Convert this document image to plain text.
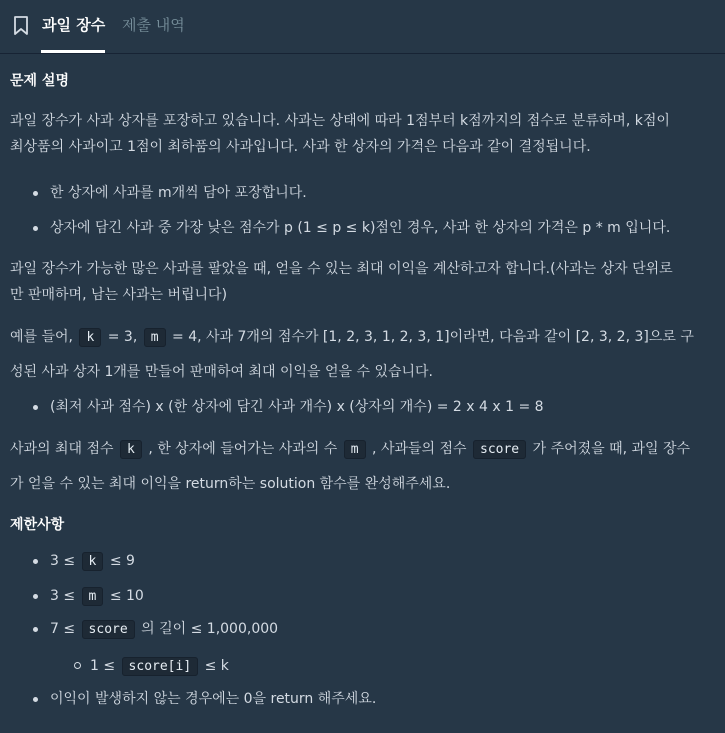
과일 장수 제출 내역
문제 설명
과일 장수가 사과 상자를 포장하고 있습니다. 사과는 상태에 따라 1점부터 k점까지의 점수로 분류하며, k점이
최상품의 사과이고 1점이 최하품의 사과입니다. 사과 한 상자의 가격은 다음과 같이 결정됩니다.
한 상자에 사과를 m개씩 담아 포장합니다.
상자에 담긴 사과 중 가장 낮은 점수가 p (1 ≤ p ≤ k)점인 경우, 사과 한 상자의 가격은 p * m 입니다.
과일 장수가 가능한 많은 사과를 팔았을 때, 얻을 수 있는 최대 이익을 계산하고자 합니다.(사과는 상자 단위로
만 판매하며, 남는 사과는 버립니다)
예를 들어, k = 3, m = 4, 사과 7개의 점수가 [1, 2, 3, 1, 2, 3, 1]이라면, 다음과 같이 [2, 3, 2, 3]으로 구
성된 사과 상자 1개를 만들어 판매하여 최대 이익을 얻을 수 있습니다.
(최저 사과 점수) x (한 상자에 담긴 사과 개수) x (상자의 개수) = 2 x 4 x 1 = 8
사과의 최대 점수 k , 한 상자에 들어가는 사과의 수 m , 사과들의 점수 score 가 주어졌을 때, 과일 장수
가 얻을 수 있는 최대 이익을 return하는 solution 함수를 완성해주세요.
제한사항
3 ≤ k ≤ 9
3 ≤ m ≤ 10
7 ≤ score 의 길이 ≤ 1,000,000
1 ≤ score[i] ≤ k
이익이 발생하지 않는 경우에는 0을 return 해주세요.
